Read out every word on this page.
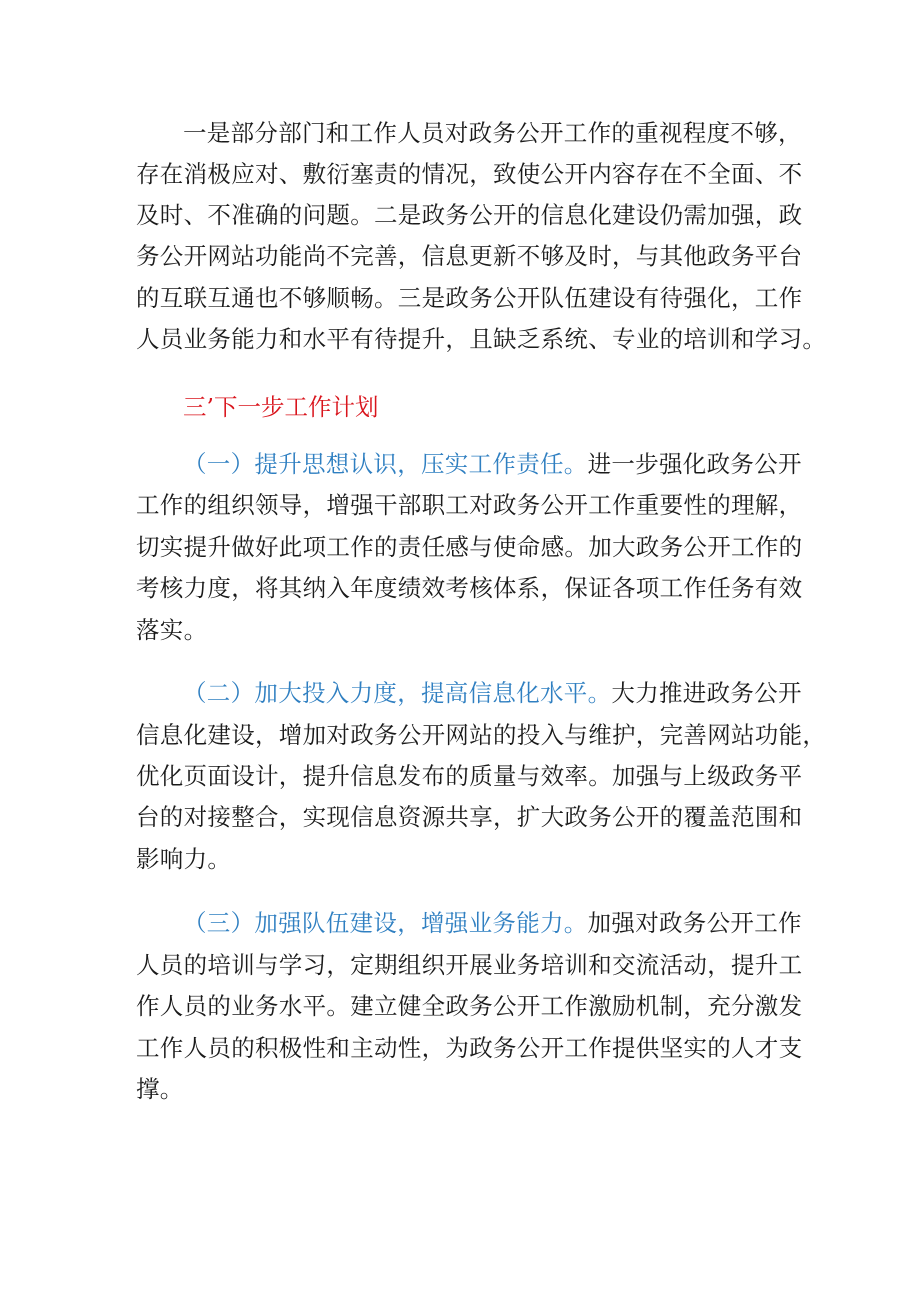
一是部分部门和工作人员对政务公开工作的重视程度不够，
存在消极应对、敷衍塞责的情况，致使公开内容存在不全面、不
及时、不准确的问题。二是政务公开的信息化建设仍需加强，政
务公开网站功能尚不完善，信息更新不够及时，与其他政务平台
的互联互通也不够顺畅。三是政务公开队伍建设有待强化，工作
人员业务能力和水平有待提升，且缺乏系统、专业的培训和学习。
三’下一步工作计划
（一）提升思想认识，压实工作责任。进一步强化政务公开
工作的组织领导，增强干部职工对政务公开工作重要性的理解，
切实提升做好此项工作的责任感与使命感。加大政务公开工作的
考核力度，将其纳入年度绩效考核体系，保证各项工作任务有效
落实。
（二）加大投入力度，提高信息化水平。大力推进政务公开
信息化建设，增加对政务公开网站的投入与维护，完善网站功能，
优化页面设计，提升信息发布的质量与效率。加强与上级政务平
台的对接整合，实现信息资源共享，扩大政务公开的覆盖范围和
影响力。
（三）加强队伍建设，增强业务能力。加强对政务公开工作
人员的培训与学习，定期组织开展业务培训和交流活动，提升工
作人员的业务水平。建立健全政务公开工作激励机制，充分激发
工作人员的积极性和主动性，为政务公开工作提供坚实的人才支
撑。
